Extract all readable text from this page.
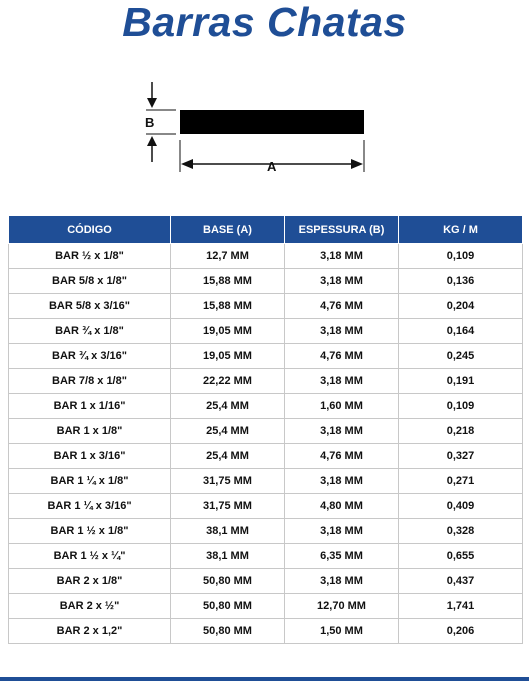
Barras Chatas
B
A
CÓDIGO	BASE (A)	ESPESSURA (B)	KG / M
BAR ½ x 1/8"	12,7 MM	3,18 MM	0,109
BAR 5/8 x 1/8"	15,88 MM	3,18 MM	0,136
BAR 5/8 x 3/16"	15,88 MM	4,76 MM	0,204
BAR ¾ x 1/8"	19,05 MM	3,18 MM	0,164
BAR ¾ x 3/16"	19,05 MM	4,76 MM	0,245
BAR 7/8 x 1/8"	22,22 MM	3,18 MM	0,191
BAR 1 x 1/16"	25,4 MM	1,60 MM	0,109
BAR 1 x 1/8"	25,4 MM	3,18 MM	0,218
BAR 1 x 3/16"	25,4 MM	4,76 MM	0,327
BAR 1 ¼ x 1/8"	31,75 MM	3,18 MM	0,271
BAR 1 ¼ x 3/16"	31,75 MM	4,80 MM	0,409
BAR 1 ½ x 1/8"	38,1 MM	3,18 MM	0,328
BAR 1 ½ x ¼"	38,1 MM	6,35 MM	0,655
BAR 2 x 1/8"	50,80 MM	3,18 MM	0,437
BAR 2 x ½"	50,80 MM	12,70 MM	1,741
BAR 2 x 1,2"	50,80 MM	1,50 MM	0,206
